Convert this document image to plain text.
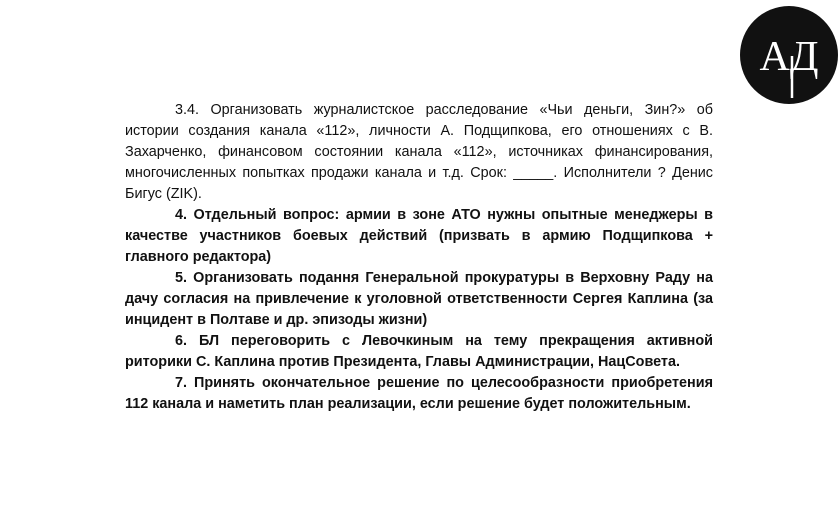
АД

3.4. Организовать журналистское расследование «Чьи деньги, Зин?» об истории создания канала «112», личности А. Подщипкова, его отношениях с В. Захарченко, финансовом состоянии канала «112», источниках финансирования, многочисленных попытках продажи канала и т.д. Срок: _____. Исполнители ? Денис Бигус (ZIK).

4. Отдельный вопрос: армии в зоне АТО нужны опытные менеджеры в качестве участников боевых действий (призвать в армию Подщипкова + главного редактора)

5. Организовать подання Генеральной прокуратуры в Верховну Раду на дачу согласия на привлечение к уголовной ответственности Сергея Каплина (за инцидент в Полтаве и др. эпизоды жизни)

6. БЛ переговорить с Левочкиным на тему прекращения активной риторики С. Каплина против Президента, Главы Администрации, НацСовета.

7. Принять окончательное решение по целесообразности приобретения 112 канала и наметить план реализации, если решение будет положительным.
